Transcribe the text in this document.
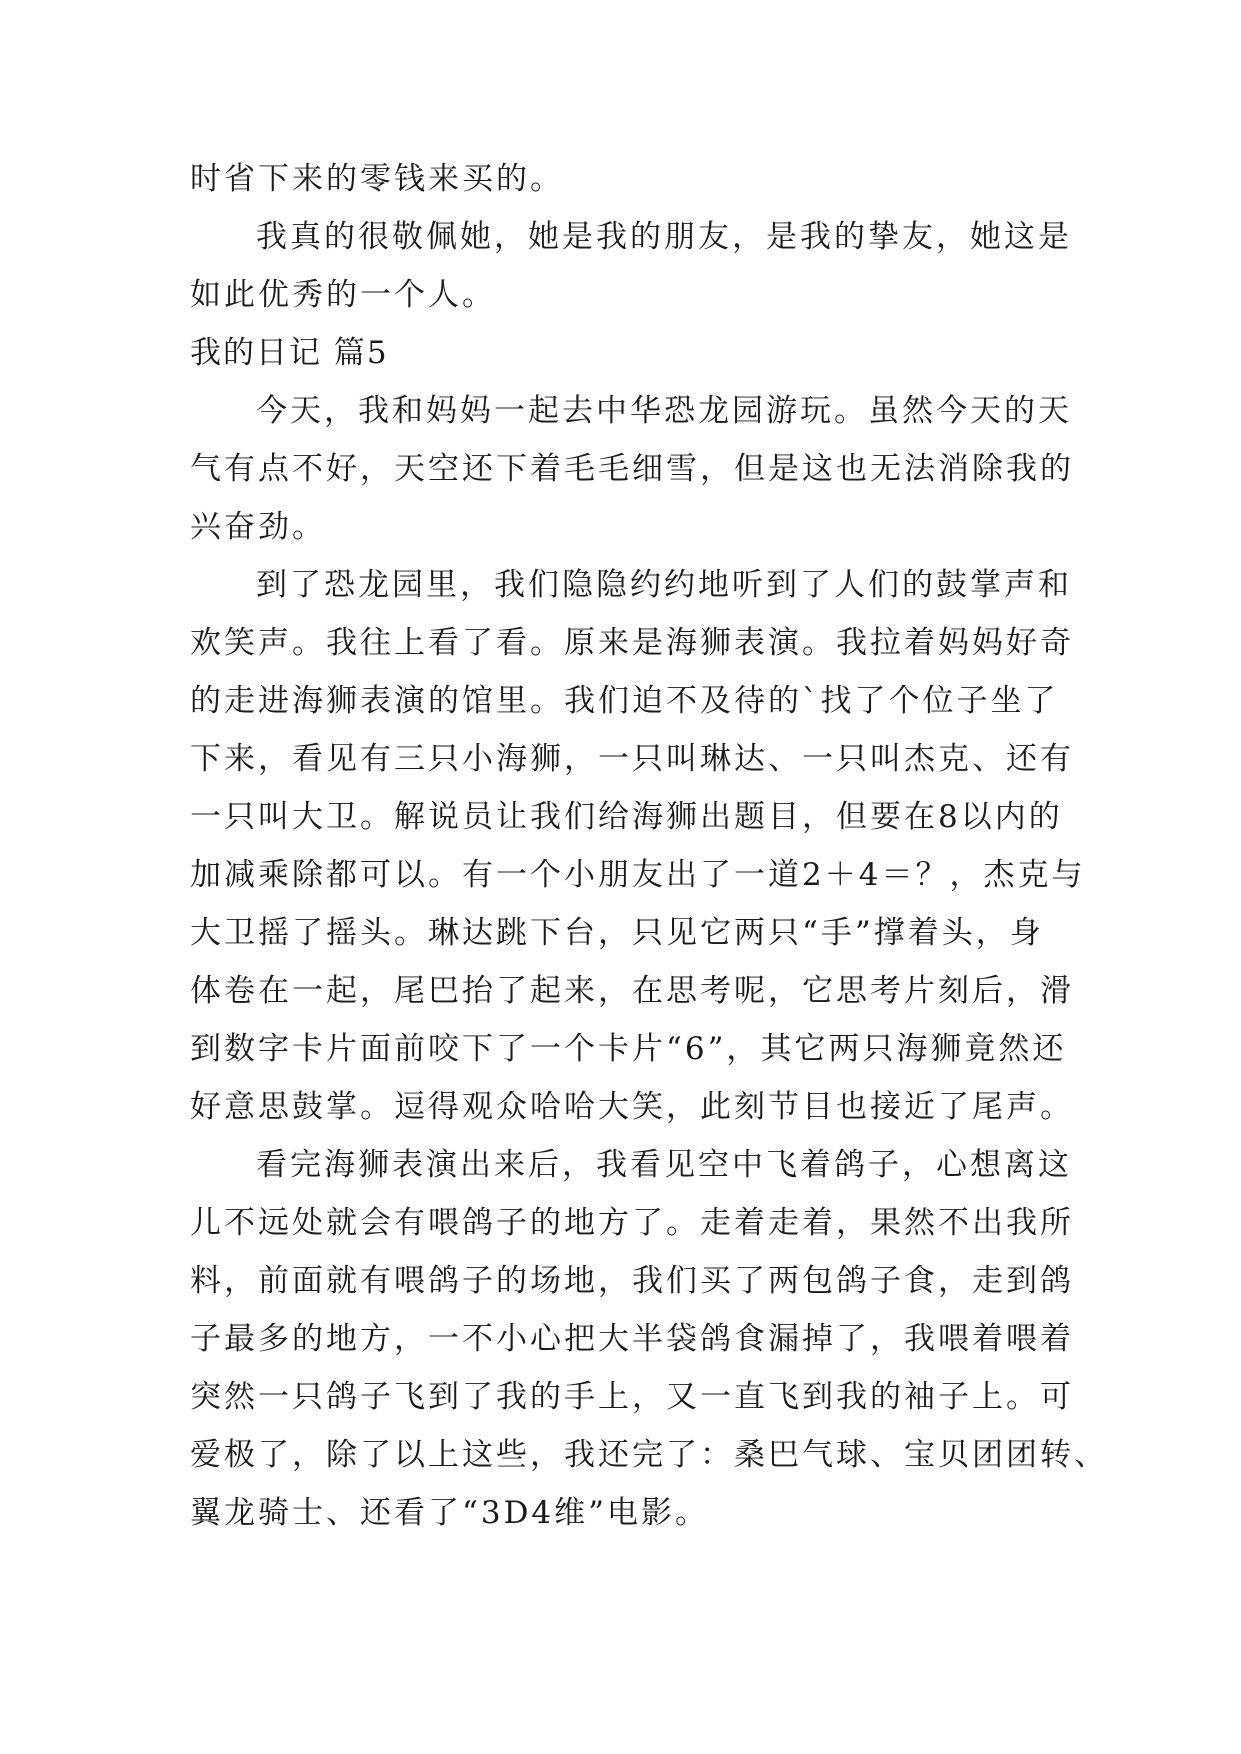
时省下来的零钱来买的。
我真的很敬佩她，她是我的朋友，是我的挚友，她这是
如此优秀的一个人。
我的日记 篇5
今天，我和妈妈一起去中华恐龙园游玩。虽然今天的天
气有点不好，天空还下着毛毛细雪，但是这也无法消除我的
兴奋劲。
到了恐龙园里，我们隐隐约约地听到了人们的鼓掌声和
欢笑声。我往上看了看。原来是海狮表演。我拉着妈妈好奇
的走进海狮表演的馆里。我们迫不及待的`找了个位子坐了
下来，看见有三只小海狮，一只叫琳达、一只叫杰克、还有
一只叫大卫。解说员让我们给海狮出题目，但要在8以内的
加减乘除都可以。有一个小朋友出了一道2＋4＝？，杰克与
大卫摇了摇头。琳达跳下台，只见它两只“手”撑着头，身
体卷在一起，尾巴抬了起来，在思考呢，它思考片刻后，滑
到数字卡片面前咬下了一个卡片“6”，其它两只海狮竟然还
好意思鼓掌。逗得观众哈哈大笑，此刻节目也接近了尾声。
看完海狮表演出来后，我看见空中飞着鸽子，心想离这
儿不远处就会有喂鸽子的地方了。走着走着，果然不出我所
料，前面就有喂鸽子的场地，我们买了两包鸽子食，走到鸽
子最多的地方，一不小心把大半袋鸽食漏掉了，我喂着喂着
突然一只鸽子飞到了我的手上，又一直飞到我的袖子上。可
爱极了，除了以上这些，我还完了：桑巴气球、宝贝团团转、
翼龙骑士、还看了“3D4维”电影。
